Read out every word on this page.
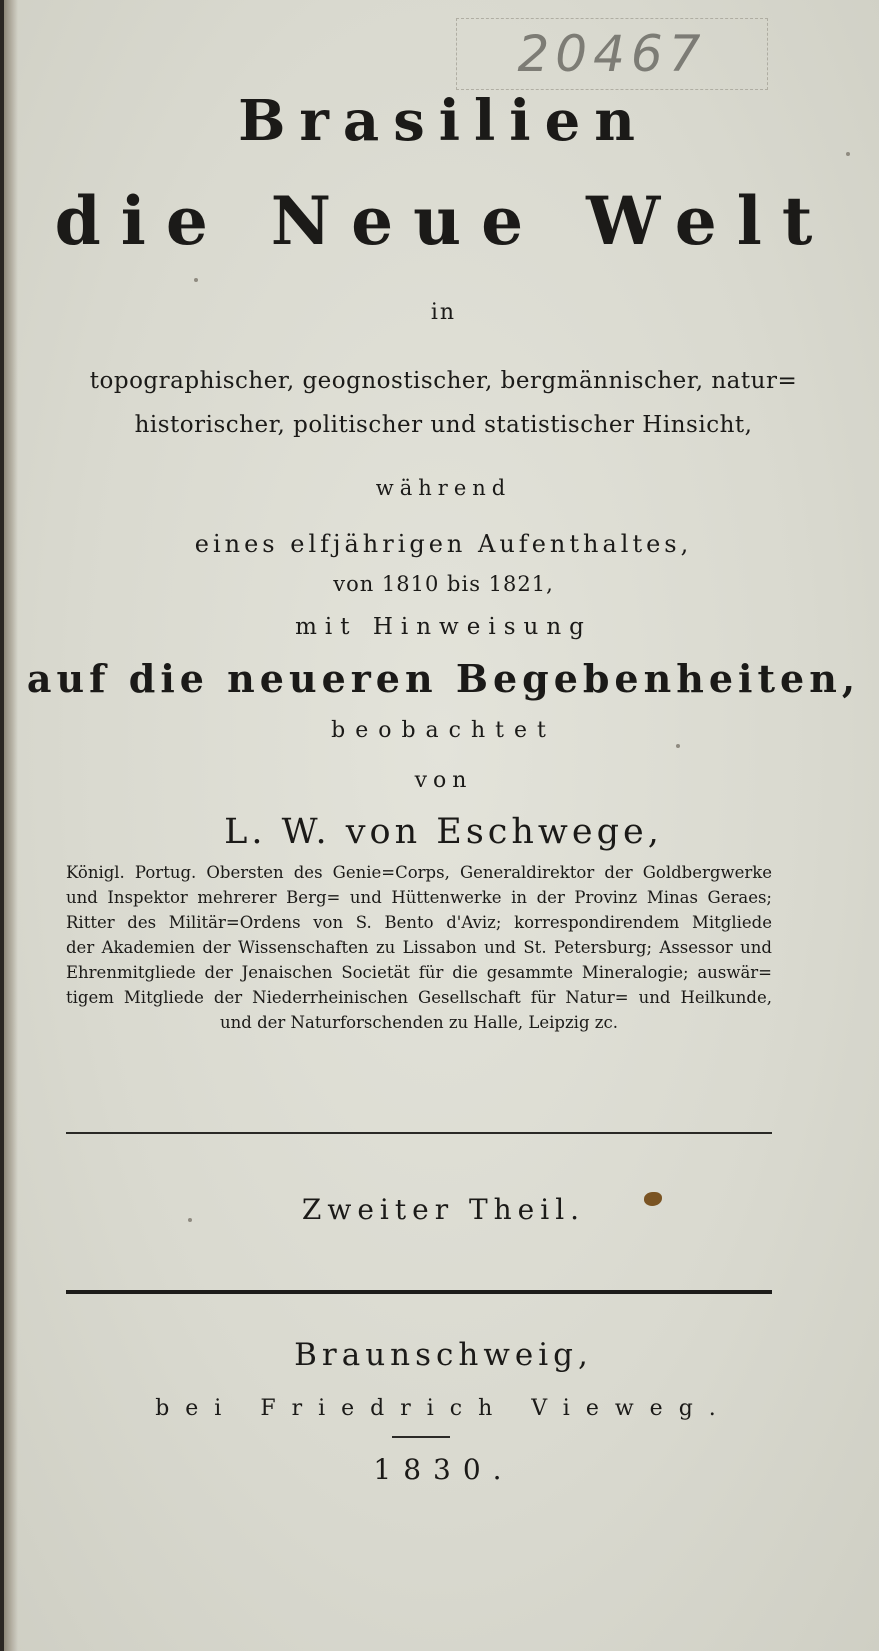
20467
Brasilien
die Neue Welt
in
topographischer, geognostischer, bergmännischer, natur=
historischer, politischer und statistischer Hinsicht,
während
eines elfjährigen Aufenthaltes,
von 1810 bis 1821,
mit Hinweisung
auf die neueren Begebenheiten,
beobachtet
von
L. W. von Eschwege,
Königl. Portug. Obersten des Genie=Corps, Generaldirektor der Goldbergwerke
und Inspektor mehrerer Berg= und Hüttenwerke in der Provinz Minas Geraes;
Ritter des Militär=Ordens von S. Bento d'Aviz; korrespondirendem Mitgliede
der Akademien der Wissenschaften zu Lissabon und St. Petersburg; Assessor und
Ehrenmitgliede der Jenaischen Societät für die gesammte Mineralogie; auswär=
tigem Mitgliede der Niederrheinischen Gesellschaft für Natur= und Heilkunde,
und der Naturforschenden zu Halle, Leipzig zc.
Zweiter Theil.
Braunschweig,
bei Friedrich Vieweg.
1830.
